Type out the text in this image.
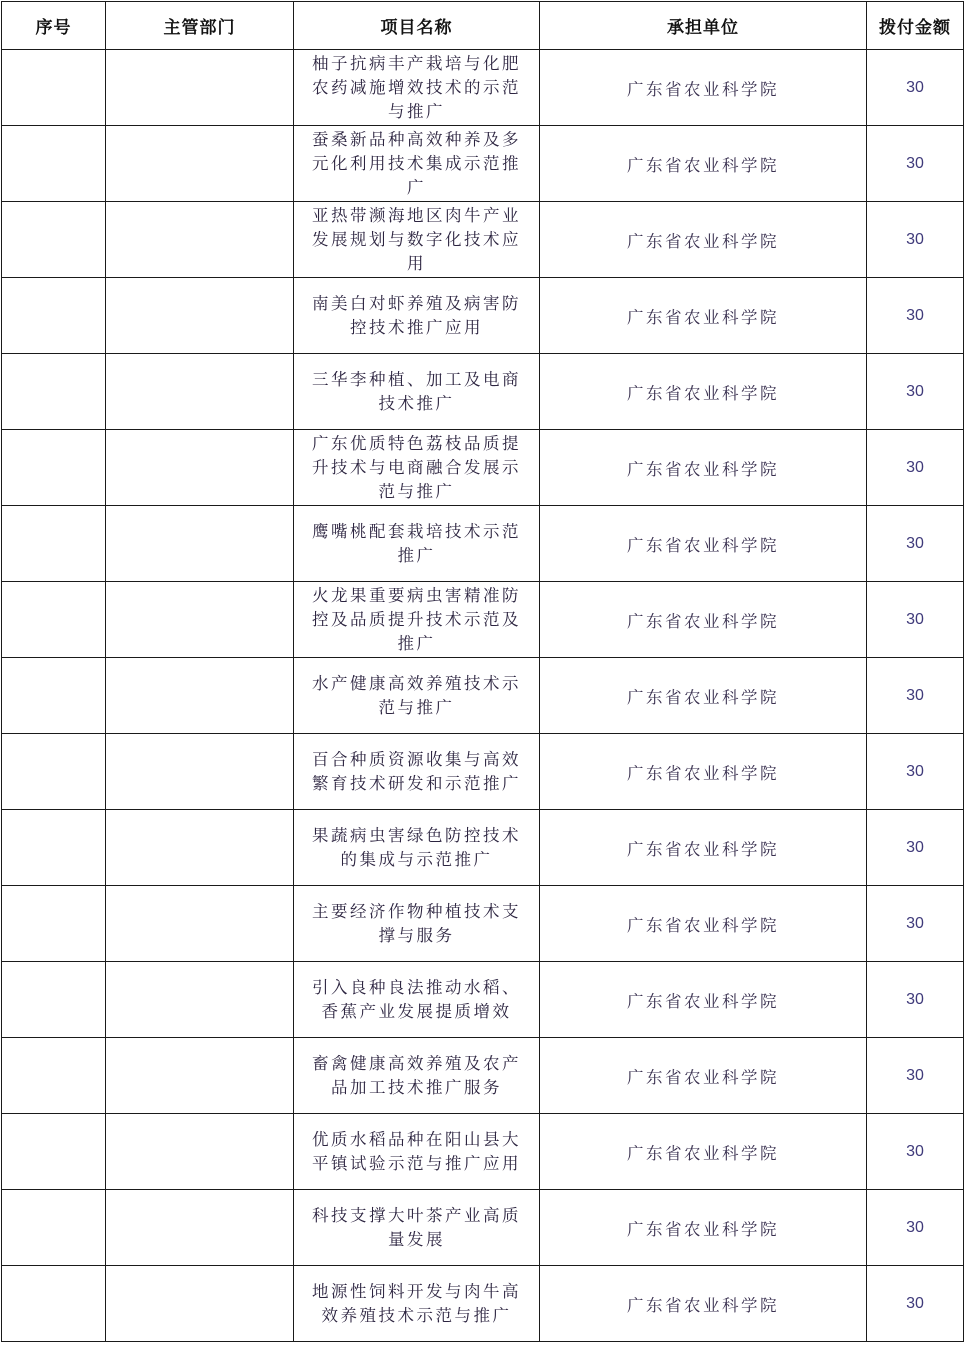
序号	主管部门	项目名称	承担单位	拨付金额
		柚子抗病丰产栽培与化肥农药减施增效技术的示范与推广	广东省农业科学院	30
		蚕桑新品种高效种养及多元化利用技术集成示范推广	广东省农业科学院	30
		亚热带濒海地区肉牛产业发展规划与数字化技术应用	广东省农业科学院	30
		南美白对虾养殖及病害防控技术推广应用	广东省农业科学院	30
		三华李种植、加工及电商技术推广	广东省农业科学院	30
		广东优质特色荔枝品质提升技术与电商融合发展示范与推广	广东省农业科学院	30
		鹰嘴桃配套栽培技术示范推广	广东省农业科学院	30
		火龙果重要病虫害精准防控及品质提升技术示范及推广	广东省农业科学院	30
		水产健康高效养殖技术示范与推广	广东省农业科学院	30
		百合种质资源收集与高效繁育技术研发和示范推广	广东省农业科学院	30
		果蔬病虫害绿色防控技术的集成与示范推广	广东省农业科学院	30
		主要经济作物种植技术支撑与服务	广东省农业科学院	30
		引入良种良法推动水稻、香蕉产业发展提质增效	广东省农业科学院	30
		畜禽健康高效养殖及农产品加工技术推广服务	广东省农业科学院	30
		优质水稻品种在阳山县大平镇试验示范与推广应用	广东省农业科学院	30
		科技支撑大叶茶产业高质量发展	广东省农业科学院	30
		地源性饲料开发与肉牛高效养殖技术示范与推广	广东省农业科学院	30
